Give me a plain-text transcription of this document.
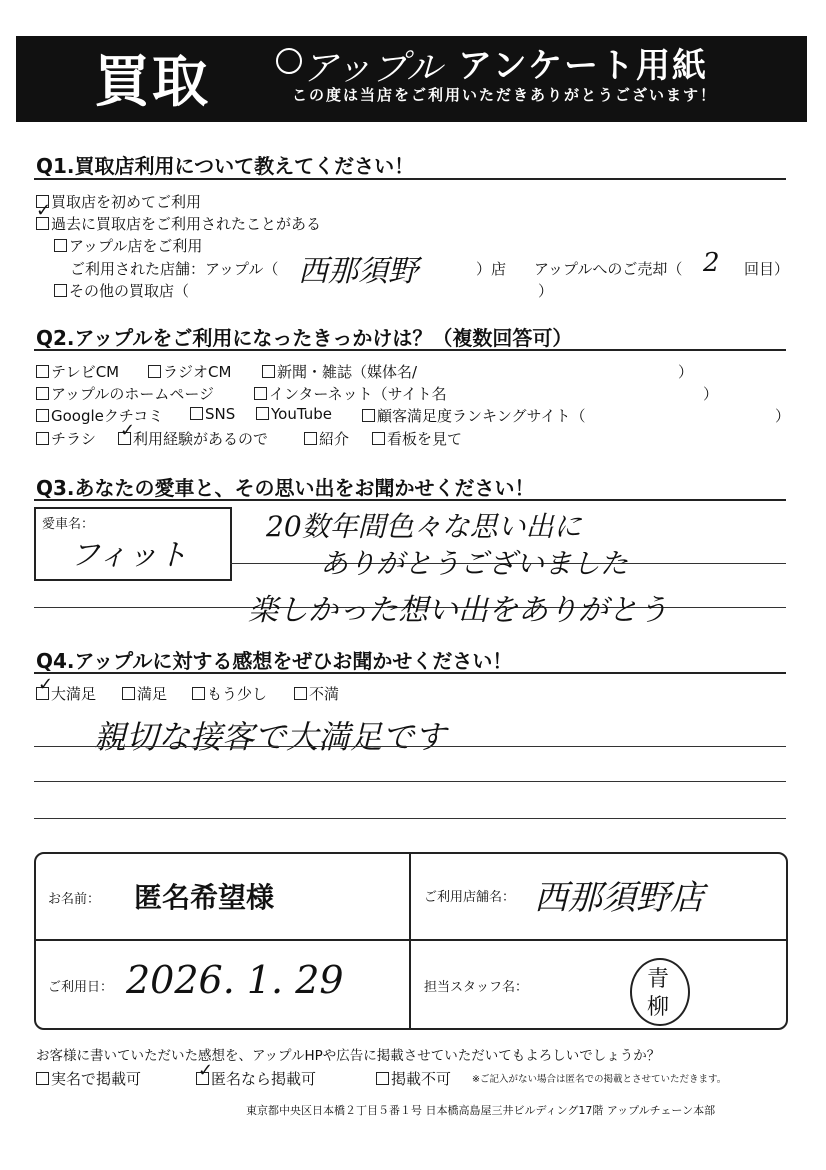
買取	アップル アンケート用紙
この度は当店をご利用いただきありがとうございます！
Q1.買取店利用について教えてください！
買取店を初めてご利用
過去に買取店をご利用されたことがある
✓
アップル店をご利用
ご利用された店舗：アップル（ 西那須野	）店 アップルへのご売却（ 2 回目）
その他の買取店（	）
Q2.アップルをご利用になったきっかけは？（複数回答可）
テレビCM	ラジオCM	新聞・雑誌（媒体名/	）
アップルのホームページ	インターネット（サイト名	）
Googleクチコミ	SNS	YouTube	顧客満足度ランキングサイト（	）
チラシ	利用経験があるので
✓	紹介	看板を見て
Q3.あなたの愛車と、その思い出をお聞かせください！
愛車名：
フィット
20数年間色々な思い出に
ありがとうございました
楽しかった想い出をありがとう
Q4.アップルに対する感想をぜひお聞かせください！
大満足
✓	満足	もう少し	不満
親切な接客で大満足です
お名前： 匿名希望様	ご利用店舗名： 西那須野店
ご利用日： 2026. 1. 29	担当スタッフ名：	青
柳
お客様に書いていただいた感想を、アップルHPや広告に掲載させていただいてもよろしいでしょうか？
実名で掲載可	匿名なら掲載可
✓	掲載不可 ※ご記入がない場合は匿名での掲載とさせていただきます。
東京都中央区日本橋２丁目５番１号 日本橋高島屋三井ビルディング17階 アップルチェーン本部
